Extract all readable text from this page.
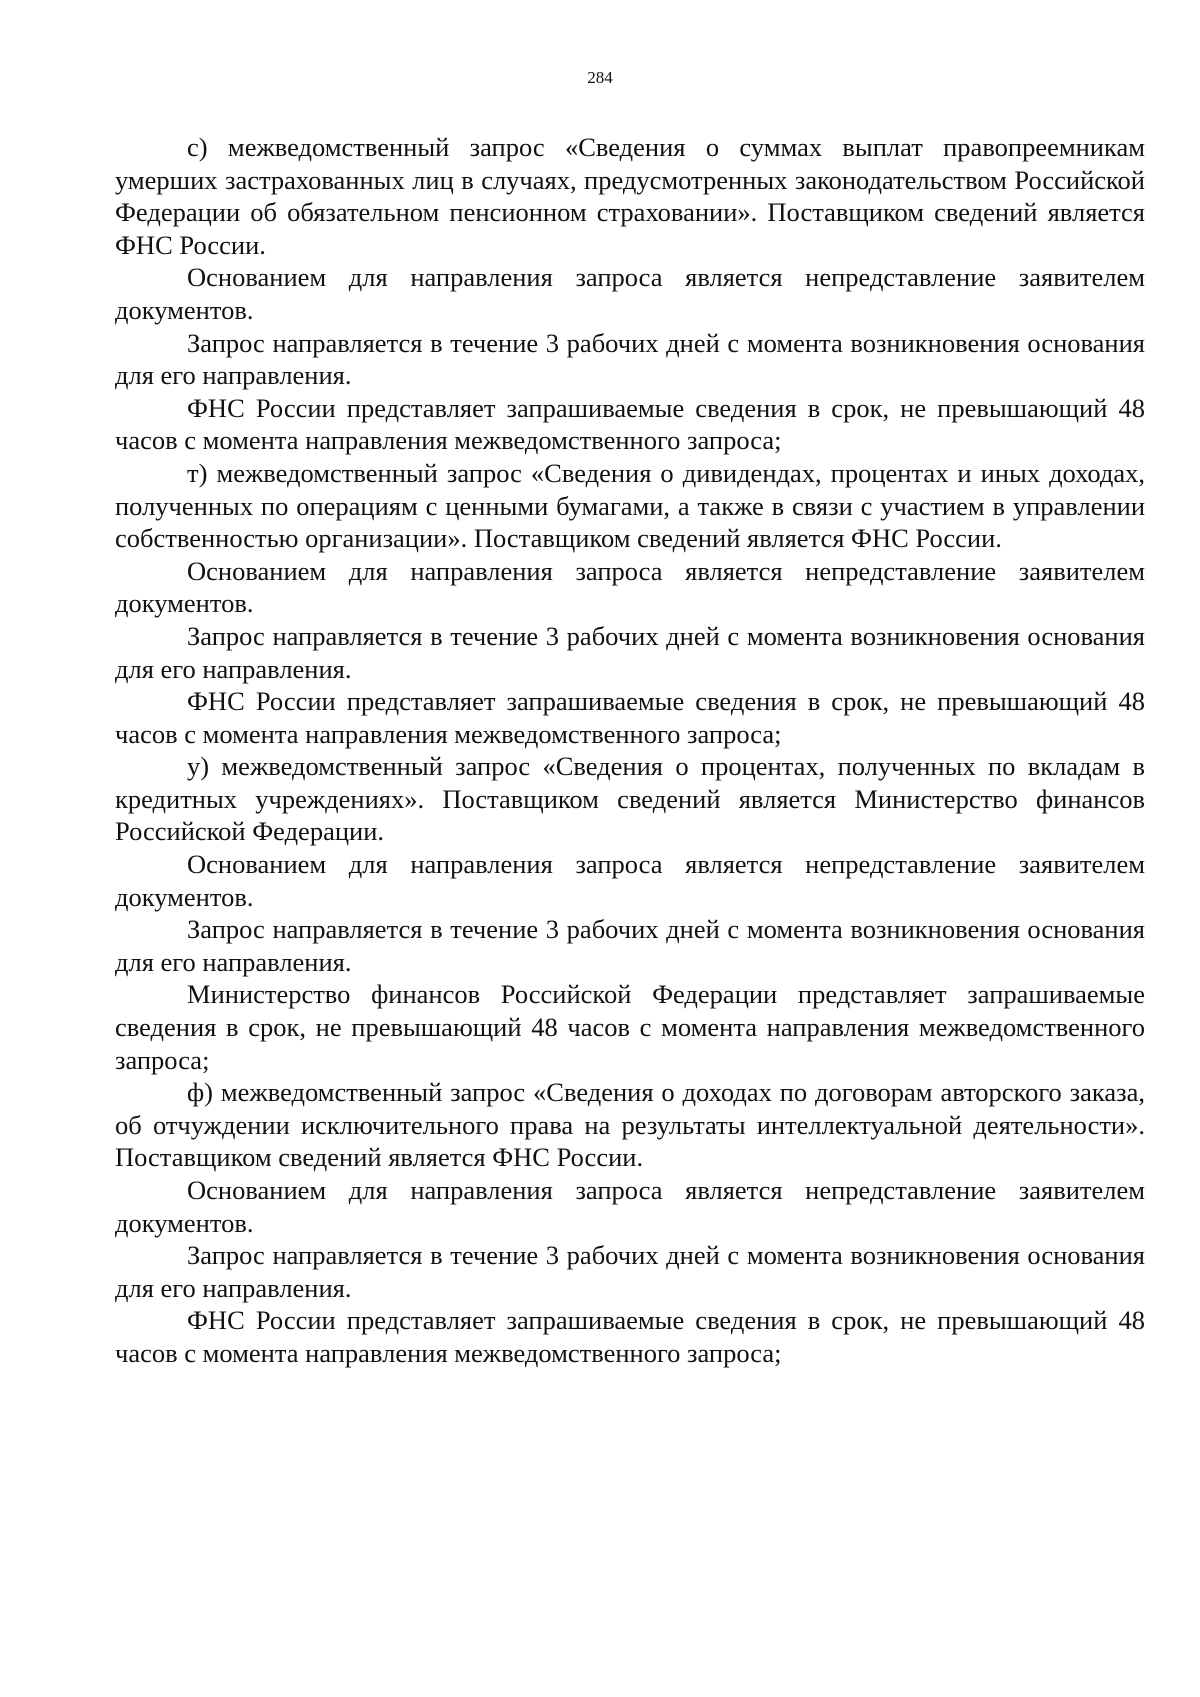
284

с) межведомственный запрос «Сведения о суммах выплат правопреемникам умерших застрахованных лиц в случаях, предусмотренных законодательством Российской Федерации об обязательном пенсионном страховании». Поставщиком сведений является ФНС России.

Основанием для направления запроса является непредставление заявителем документов.

Запрос направляется в течение 3 рабочих дней с момента возникновения основания для его направления.

ФНС России представляет запрашиваемые сведения в срок, не превышающий 48 часов с момента направления межведомственного запроса;

т) межведомственный запрос «Сведения о дивидендах, процентах и иных доходах, полученных по операциям с ценными бумагами, а также в связи с участием в управлении собственностью организации». Поставщиком сведений является ФНС России.

Основанием для направления запроса является непредставление заявителем документов.

Запрос направляется в течение 3 рабочих дней с момента возникновения основания для его направления.

ФНС России представляет запрашиваемые сведения в срок, не превышающий 48 часов с момента направления межведомственного запроса;

у) межведомственный запрос «Сведения о процентах, полученных по вкладам в кредитных учреждениях». Поставщиком сведений является Министерство финансов Российской Федерации.

Основанием для направления запроса является непредставление заявителем документов.

Запрос направляется в течение 3 рабочих дней с момента возникновения основания для его направления.

Министерство финансов Российской Федерации представляет запрашиваемые сведения в срок, не превышающий 48 часов с момента направления межведомственного запроса;

ф) межведомственный запрос «Сведения о доходах по договорам авторского заказа, об отчуждении исключительного права на результаты интеллектуальной деятельности». Поставщиком сведений является ФНС России.

Основанием для направления запроса является непредставление заявителем документов.

Запрос направляется в течение 3 рабочих дней с момента возникновения основания для его направления.

ФНС России представляет запрашиваемые сведения в срок, не превышающий 48 часов с момента направления межведомственного запроса;
